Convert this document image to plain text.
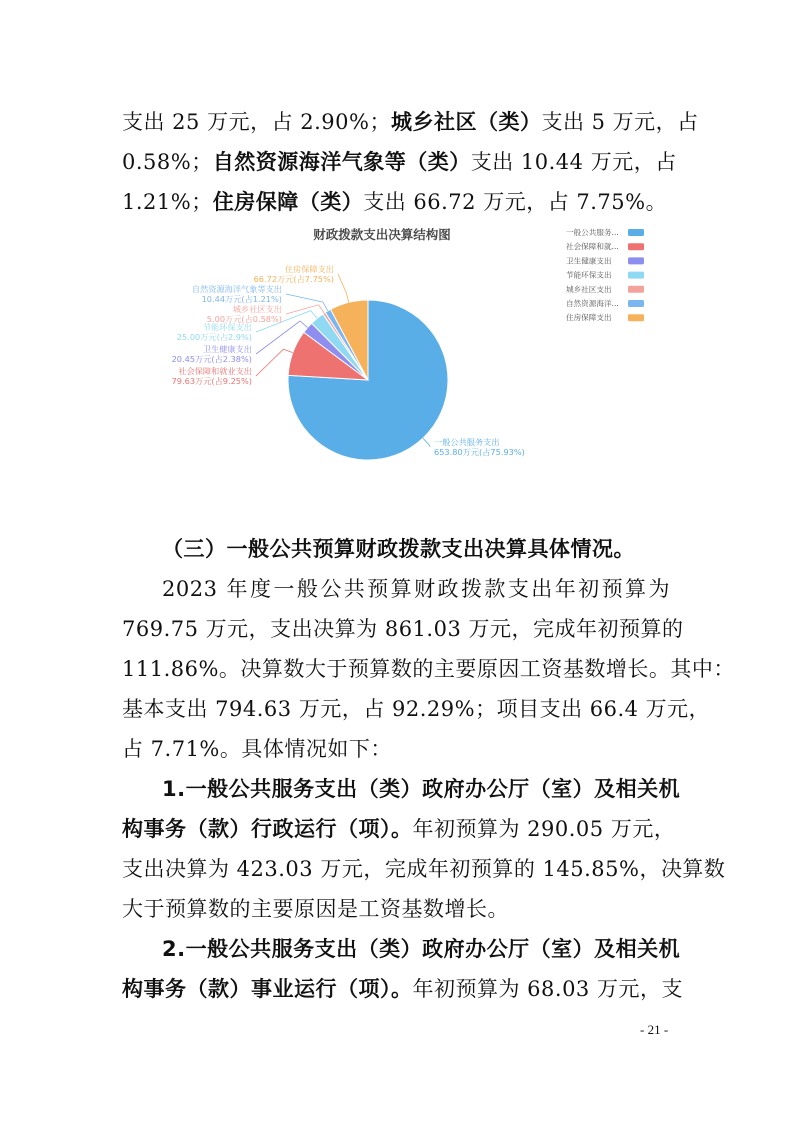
支出 25 万元，占 2.90%；城乡社区（类）支出 5 万元，占
0.58%；自然资源海洋气象等（类）支出 10.44 万元，占
1.21%；住房保障（类）支出 66.72 万元，占 7.75%。
财政拨款支出决算结构图
一般公共服务支出
653.80万元(占75.93%)
社会保障和就业支出
79.63万元(占9.25%)
卫生健康支出
20.45万元(占2.38%)
节能环保支出
25.00万元(占2.9%)
城乡社区支出
5.00万元(占0.58%)
自然资源海洋气象等支出
10.44万元(占1.21%)
住房保障支出
66.72万元(占7.75%)
一般公共服务...
社会保障和就...
卫生健康支出
节能环保支出
城乡社区支出
自然资源海洋...
住房保障支出
（三）一般公共预算财政拨款支出决算具体情况。
2023 年度一般公共预算财政拨款支出年初预算为
769.75 万元，支出决算为 861.03 万元，完成年初预算的
111.86%。决算数大于预算数的主要原因工资基数增长。其中：
基本支出 794.63 万元，占 92.29%；项目支出 66.4 万元，
占 7.71%。具体情况如下：
1.一般公共服务支出（类）政府办公厅（室）及相关机
构事务（款）行政运行（项）。年初预算为 290.05 万元，
支出决算为 423.03 万元，完成年初预算的 145.85%，决算数
大于预算数的主要原因是工资基数增长。
2.一般公共服务支出（类）政府办公厅（室）及相关机
构事务（款）事业运行（项）。年初预算为 68.03 万元，支
- 21 -
